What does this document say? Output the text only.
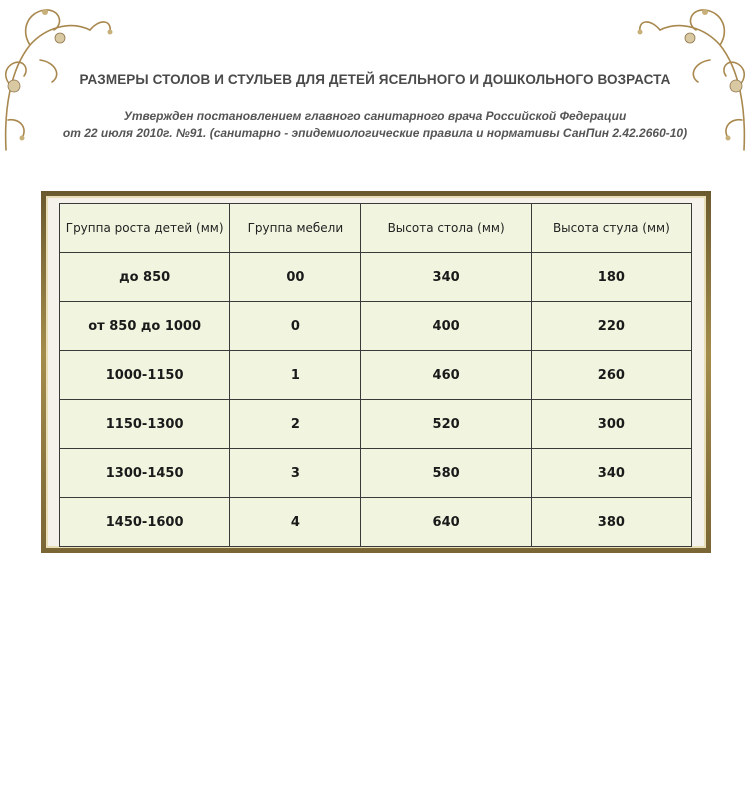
РАЗМЕРЫ СТОЛОВ И СТУЛЬЕВ ДЛЯ ДЕТЕЙ ЯСЕЛЬНОГО И ДОШКОЛЬНОГО ВОЗРАСТА
Утвержден постановлением главного санитарного врача Российской Федерации
от 22 июля 2010г. №91. (санитарно - эпидемиологические правила и нормативы СанПин 2.42.2660-10)
Группа роста детей (мм)	Группа мебели	Высота стола (мм)	Высота стула (мм)
до 850	00	340	180
от 850 до 1000	0	400	220
1000-1150	1	460	260
1150-1300	2	520	300
1300-1450	3	580	340
1450-1600	4	640	380
